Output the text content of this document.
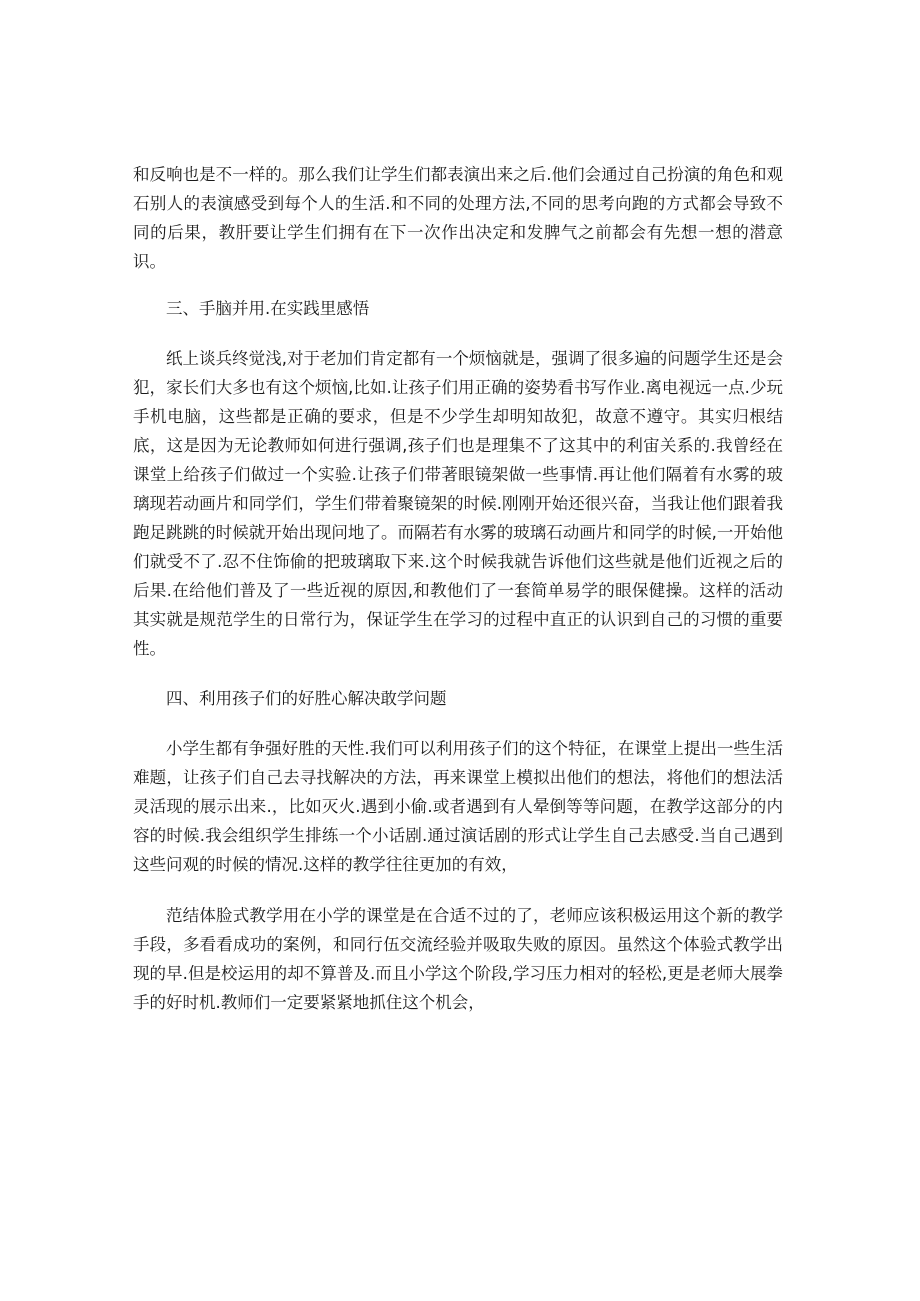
和反响也是不一样的。那么我们让学生们都表演出来之后.他们会通过自己扮演的角色和观石别人的表演感受到每个人的生活.和不同的处理方法,不同的思考向跑的方式都会导致不同的后果，教肝要让学生们拥有在下一次作出决定和发脾气之前都会有先想一想的潜意识。

三、手脑并用.在实践里感悟

纸上谈兵终觉浅,对于老加们肯定都有一个烦恼就是，强调了很多遍的问题学生还是会犯，家长们大多也有这个烦恼,比如.让孩子们用正确的姿势看书写作业.离电视远一点.少玩手机电脑，这些都是正确的要求，但是不少学生却明知故犯，故意不遵守。其实归根结底，这是因为无论教师如何进行强调,孩子们也是理集不了这其中的利宙关系的.我曾经在课堂上给孩子们做过一个实验.让孩子们带著眼镜架做一些事情.再让他们隔着有水雾的玻璃现若动画片和同学们，学生们带着聚镜架的时候.刚刚开始还很兴奋，当我让他们跟着我跑足跳跳的时候就开始出现问地了。而隔若有水雾的玻璃石动画片和同学的时候,一开始他们就受不了.忍不住饰偷的把玻璃取下来.这个时候我就告诉他们这些就是他们近视之后的后果.在给他们普及了一些近视的原因,和教他们了一套简单易学的眼保健操。这样的活动其实就是规范学生的日常行为，保证学生在学习的过程中直正的认识到自己的习惯的重要性。

四、利用孩子们的好胜心解决敢学问题

小学生都有争强好胜的天性.我们可以利用孩子们的这个特征，在课堂上提出一些生活难题，让孩子们自己去寻找解决的方法，再来课堂上模拟出他们的想法，将他们的想法活灵活现的展示出来.，比如灭火.遇到小偷.或者遇到有人晕倒等等问题，在教学这部分的内容的时候.我会组织学生排练一个小话剧.通过演话剧的形式让学生自己去感受.当自己遇到这些问观的时候的情况.这样的教学往往更加的有效，

范结体脸式教学用在小学的课堂是在合适不过的了，老师应该积极运用这个新的教学手段，多看看成功的案例，和同行伍交流经验并吸取失败的原因。虽然这个体验式教学出现的早.但是校运用的却不算普及.而且小学这个阶段,学习压力相对的轻松,更是老师大展拳手的好时机.教师们一定要紧紧地抓住这个机会，
